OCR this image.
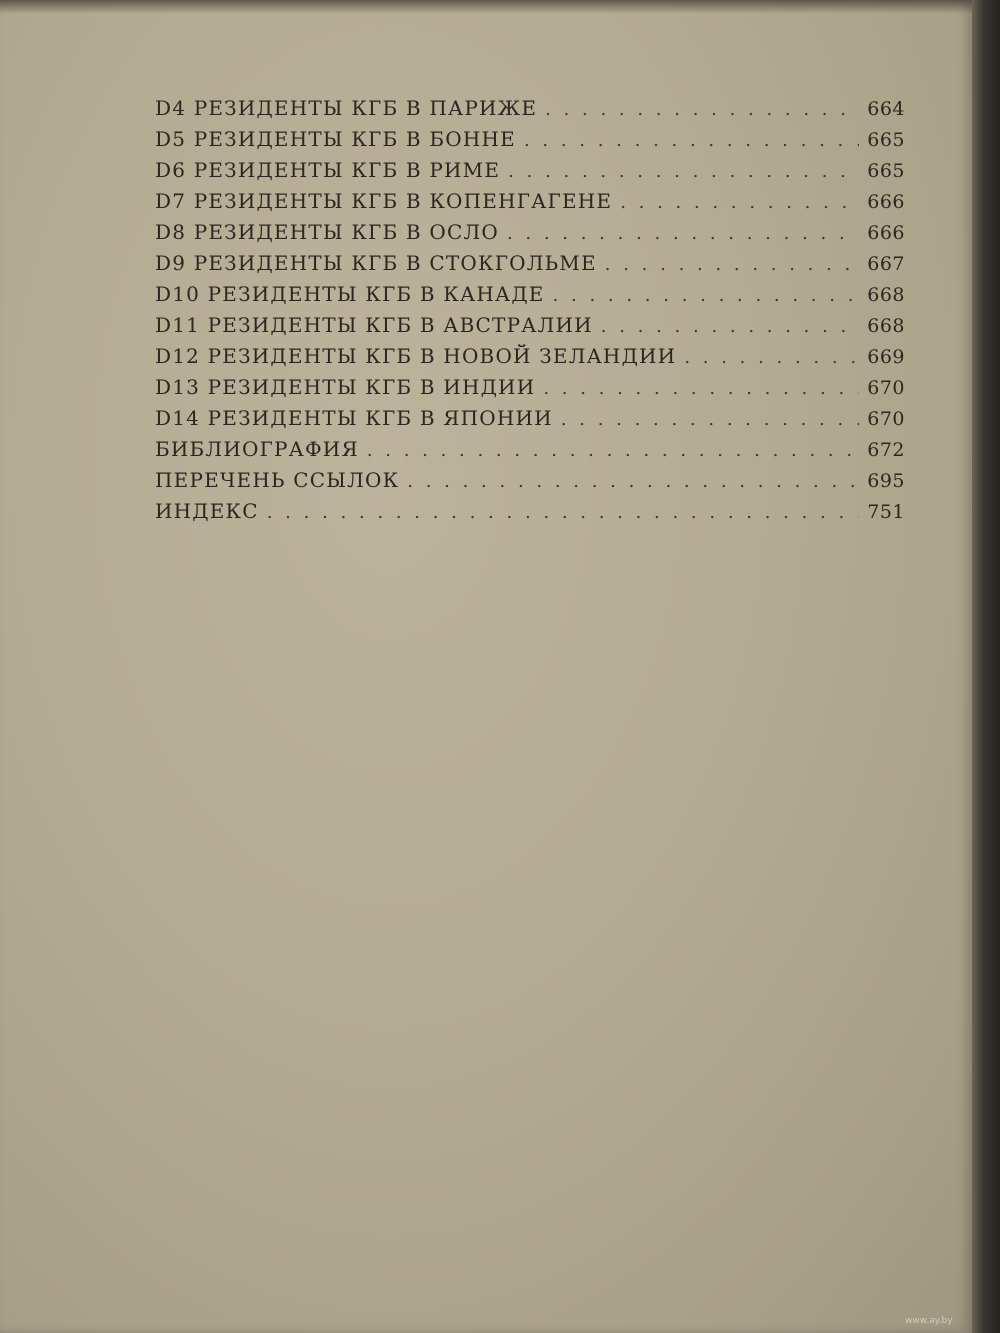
D4 РЕЗИДЕНТЫ КГБ В ПАРИЖЕ . . .	664
D5 РЕЗИДЕНТЫ КГБ В БОННЕ . . .	665
D6 РЕЗИДЕНТЫ КГБ В РИМЕ . . .	665
D7 РЕЗИДЕНТЫ КГБ В КОПЕНГАГЕНЕ . . .	666
D8 РЕЗИДЕНТЫ КГБ В ОСЛО . . .	666
D9 РЕЗИДЕНТЫ КГБ В СТОКГОЛЬМЕ . . .	667
D10 РЕЗИДЕНТЫ КГБ В КАНАДЕ . . .	668
D11 РЕЗИДЕНТЫ КГБ В АВСТРАЛИИ . . .	668
D12 РЕЗИДЕНТЫ КГБ В НОВОЙ ЗЕЛАНДИИ . . .	669
D13 РЕЗИДЕНТЫ КГБ В ИНДИИ . . .	670
D14 РЕЗИДЕНТЫ КГБ В ЯПОНИИ . . .	670
БИБЛИОГРАФИЯ . . .	672
ПЕРЕЧЕНЬ ССЫЛОК . . .	695
ИНДЕКС . . .	751
www.ay.by
